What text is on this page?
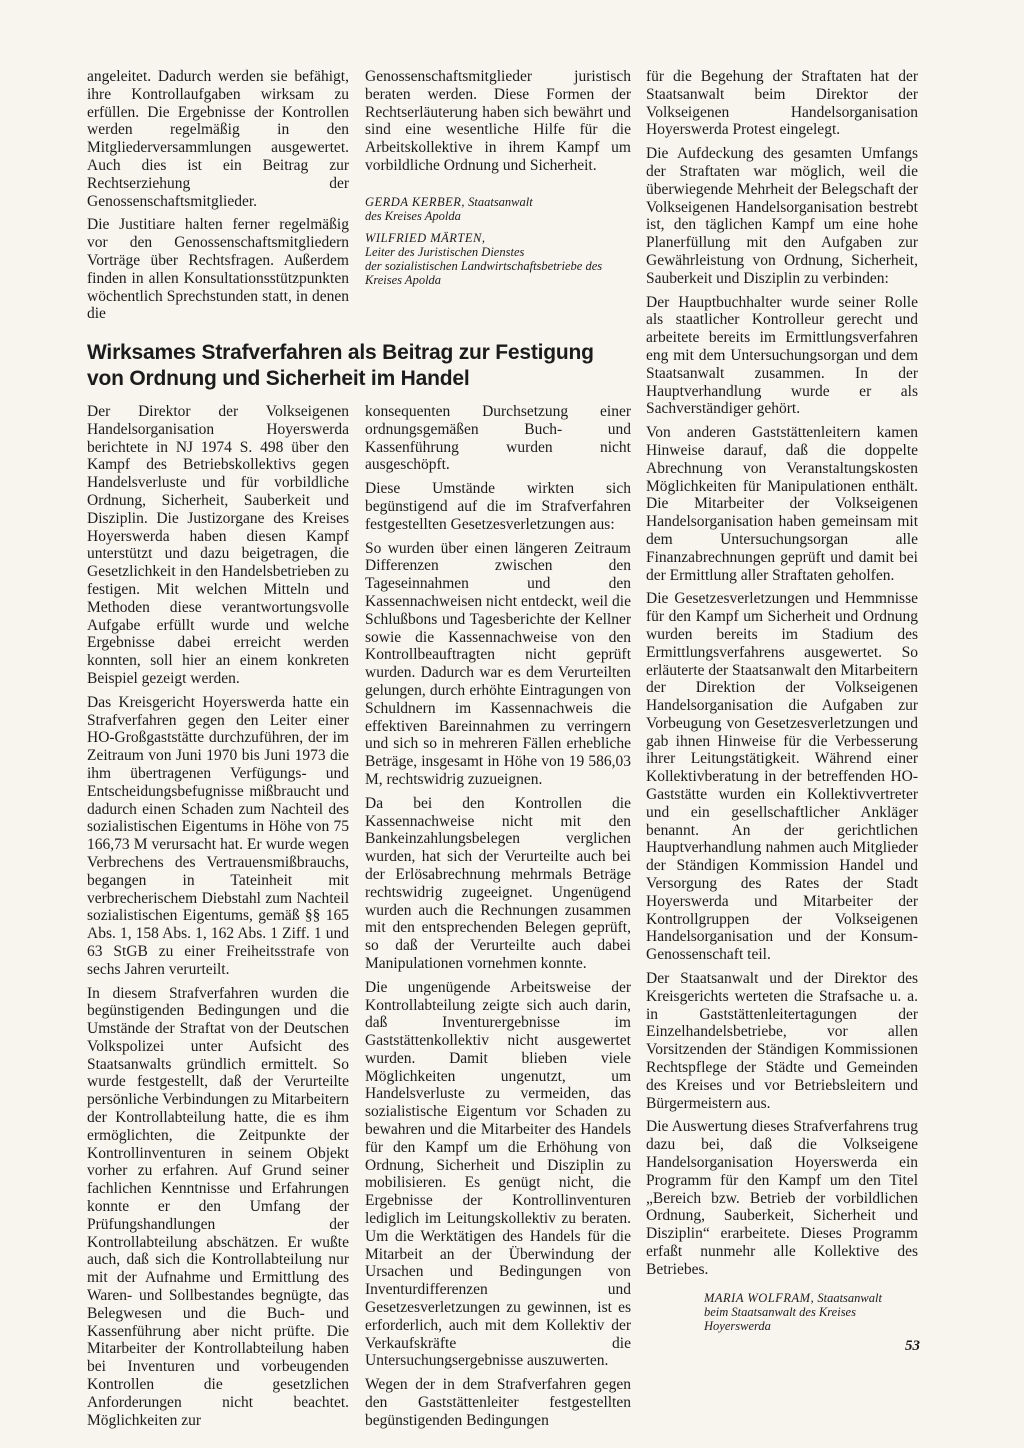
angeleitet. Dadurch werden sie befähigt, ihre Kontrollaufgaben wirksam zu erfüllen. Die Ergebnisse der Kontrollen werden regelmäßig in den Mitgliederversammlungen ausgewertet. Auch dies ist ein Beitrag zur Rechtserziehung der Genossenschaftsmitglieder.

Die Justitiare halten ferner regelmäßig vor den Genossenschaftsmitgliedern Vorträge über Rechtsfragen. Außerdem finden in allen Konsultationsstützpunkten wöchentlich Sprechstunden statt, in denen die

Genossenschaftsmitglieder juristisch beraten werden. Diese Formen der Rechtserläuterung haben sich bewährt und sind eine wesentliche Hilfe für die Arbeitskollektive in ihrem Kampf um vorbildliche Ordnung und Sicherheit.

GERDA KERBER, Staatsanwalt
des Kreises Apolda
WILFRIED MÄRTEN,
Leiter des Juristischen Dienstes
der sozialistischen Landwirtschaftsbetriebe des Kreises Apolda
Wirksames Strafverfahren als Beitrag zur Festigung von Ordnung und Sicherheit im Handel

Der Direktor der Volkseigenen Handelsorganisation Hoyerswerda berichtete in NJ 1974 S. 498 über den Kampf des Betriebskollektivs gegen Handelsverluste und für vorbildliche Ordnung, Sicherheit, Sauberkeit und Disziplin. Die Justizorgane des Kreises Hoyerswerda haben diesen Kampf unterstützt und dazu beigetragen, die Gesetzlichkeit in den Handelsbetrieben zu festigen. Mit welchen Mitteln und Methoden diese verantwortungsvolle Aufgabe erfüllt wurde und welche Ergebnisse dabei erreicht werden konnten, soll hier an einem konkreten Beispiel gezeigt werden.

Das Kreisgericht Hoyerswerda hatte ein Strafverfahren gegen den Leiter einer HO-Großgaststätte durchzuführen, der im Zeitraum von Juni 1970 bis Juni 1973 die ihm übertragenen Verfügungs- und Entscheidungsbefugnisse mißbraucht und dadurch einen Schaden zum Nachteil des sozialistischen Eigentums in Höhe von 75 166,73 M verursacht hat. Er wurde wegen Verbrechens des Vertrauensmißbrauchs, begangen in Tateinheit mit verbrecherischem Diebstahl zum Nachteil sozialistischen Eigentums, gemäß §§ 165 Abs. 1, 158 Abs. 1, 162 Abs. 1 Ziff. 1 und 63 StGB zu einer Freiheitsstrafe von sechs Jahren verurteilt.

In diesem Strafverfahren wurden die begünstigenden Bedingungen und die Umstände der Straftat von der Deutschen Volkspolizei unter Aufsicht des Staatsanwalts gründlich ermittelt. So wurde festgestellt, daß der Verurteilte persönliche Verbindungen zu Mitarbeitern der Kontrollabteilung hatte, die es ihm ermöglichten, die Zeitpunkte der Kontrollinventuren in seinem Objekt vorher zu erfahren. Auf Grund seiner fachlichen Kenntnisse und Erfahrungen konnte er den Umfang der Prüfungshandlungen der Kontrollabteilung abschätzen. Er wußte auch, daß sich die Kontrollabteilung nur mit der Aufnahme und Ermittlung des Waren- und Sollbestandes begnügte, das Belegwesen und die Buch- und Kassenführung aber nicht prüfte. Die Mitarbeiter der Kontrollabteilung haben bei Inventuren und vorbeugenden Kontrollen die gesetzlichen Anforderungen nicht beachtet. Möglichkeiten zur

konsequenten Durchsetzung einer ordnungsgemäßen Buch- und Kassenführung wurden nicht ausgeschöpft.

Diese Umstände wirkten sich begünstigend auf die im Strafverfahren festgestellten Gesetzesverletzungen aus:

So wurden über einen längeren Zeitraum Differenzen zwischen den Tageseinnahmen und den Kassennachweisen nicht entdeckt, weil die Schlußbons und Tagesberichte der Kellner sowie die Kassennachweise von den Kontrollbeauftragten nicht geprüft wurden. Dadurch war es dem Verurteilten gelungen, durch erhöhte Eintragungen von Schuldnern im Kassennachweis die effektiven Bareinnahmen zu verringern und sich so in mehreren Fällen erhebliche Beträge, insgesamt in Höhe von 19 586,03 M, rechtswidrig zuzueignen.

Da bei den Kontrollen die Kassennachweise nicht mit den Bankeinzahlungsbelegen verglichen wurden, hat sich der Verurteilte auch bei der Erlösabrechnung mehrmals Beträge rechtswidrig zugeeignet. Ungenügend wurden auch die Rechnungen zusammen mit den entsprechenden Belegen geprüft, so daß der Verurteilte auch dabei Manipulationen vornehmen konnte.

Die ungenügende Arbeitsweise der Kontrollabteilung zeigte sich auch darin, daß Inventurergebnisse im Gaststättenkollektiv nicht ausgewertet wurden. Damit blieben viele Möglichkeiten ungenutzt, um Handelsverluste zu vermeiden, das sozialistische Eigentum vor Schaden zu bewahren und die Mitarbeiter des Handels für den Kampf um die Erhöhung von Ordnung, Sicherheit und Disziplin zu mobilisieren. Es genügt nicht, die Ergebnisse der Kontrollinventuren lediglich im Leitungskollektiv zu beraten. Um die Werktätigen des Handels für die Mitarbeit an der Überwindung der Ursachen und Bedingungen von Inventurdifferenzen und Gesetzesverletzungen zu gewinnen, ist es erforderlich, auch mit dem Kollektiv der Verkaufskräfte die Untersuchungsergebnisse auszuwerten.

Wegen der in dem Strafverfahren gegen den Gaststättenleiter festgestellten begünstigenden Bedingungen

für die Begehung der Straftaten hat der Staatsanwalt beim Direktor der Volkseigenen Handelsorganisation Hoyerswerda Protest eingelegt.

Die Aufdeckung des gesamten Umfangs der Straftaten war möglich, weil die überwiegende Mehrheit der Belegschaft der Volkseigenen Handelsorganisation bestrebt ist, den täglichen Kampf um eine hohe Planerfüllung mit den Aufgaben zur Gewährleistung von Ordnung, Sicherheit, Sauberkeit und Disziplin zu verbinden:

Der Hauptbuchhalter wurde seiner Rolle als staatlicher Kontrolleur gerecht und arbeitete bereits im Ermittlungsverfahren eng mit dem Untersuchungsorgan und dem Staatsanwalt zusammen. In der Hauptverhandlung wurde er als Sachverständiger gehört.

Von anderen Gaststättenleitern kamen Hinweise darauf, daß die doppelte Abrechnung von Veranstaltungskosten Möglichkeiten für Manipulationen enthält. Die Mitarbeiter der Volkseigenen Handelsorganisation haben gemeinsam mit dem Untersuchungsorgan alle Finanzabrechnungen geprüft und damit bei der Ermittlung aller Straftaten geholfen.

Die Gesetzesverletzungen und Hemmnisse für den Kampf um Sicherheit und Ordnung wurden bereits im Stadium des Ermittlungsverfahrens ausgewertet. So erläuterte der Staatsanwalt den Mitarbeitern der Direktion der Volkseigenen Handelsorganisation die Aufgaben zur Vorbeugung von Gesetzesverletzungen und gab ihnen Hinweise für die Verbesserung ihrer Leitungstätigkeit. Während einer Kollektivberatung in der betreffenden HO-Gaststätte wurden ein Kollektivvertreter und ein gesellschaftlicher Ankläger benannt. An der gerichtlichen Hauptverhandlung nahmen auch Mitglieder der Ständigen Kommission Handel und Versorgung des Rates der Stadt Hoyerswerda und Mitarbeiter der Kontrollgruppen der Volkseigenen Handelsorganisation und der Konsum-Genossenschaft teil.

Der Staatsanwalt und der Direktor des Kreisgerichts werteten die Strafsache u. a. in Gaststättenleitertagungen der Einzelhandelsbetriebe, vor allen Vorsitzenden der Ständigen Kommissionen Rechtspflege der Städte und Gemeinden des Kreises und vor Betriebsleitern und Bürgermeistern aus.

Die Auswertung dieses Strafverfahrens trug dazu bei, daß die Volkseigene Handelsorganisation Hoyerswerda ein Programm für den Kampf um den Titel „Bereich bzw. Betrieb der vorbildlichen Ordnung, Sauberkeit, Sicherheit und Disziplin“ erarbeitete. Dieses Programm erfaßt nunmehr alle Kollektive des Betriebes.

MARIA WOLFRAM, Staatsanwalt
beim Staatsanwalt des Kreises
Hoyerswerda
53
